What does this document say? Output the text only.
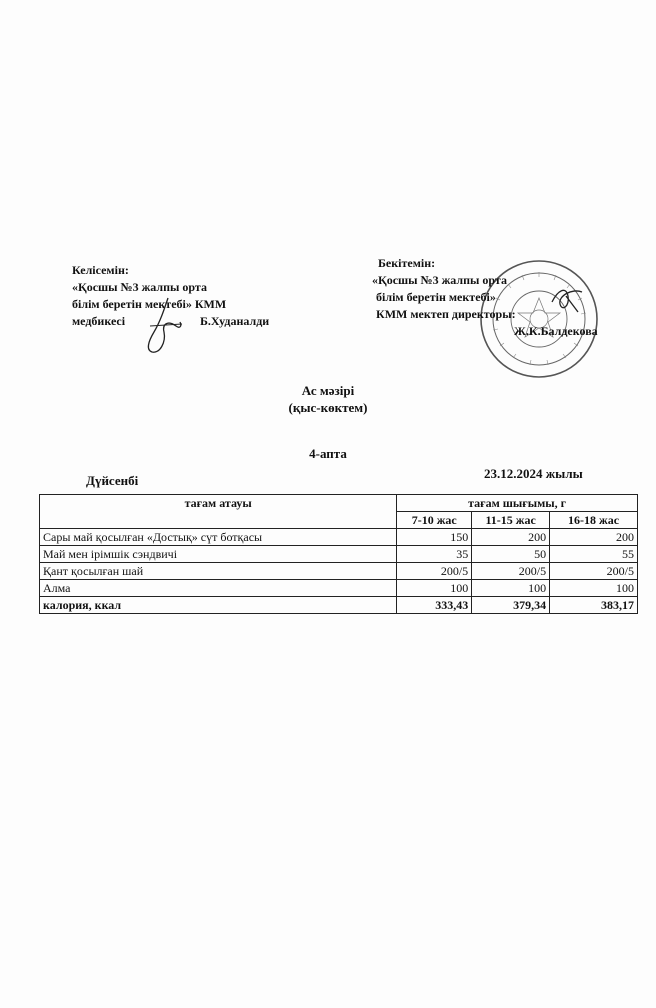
Келісемін:
«Қосшы №3 жалпы орта
білім беретін мектебі» КММ
медбикесі	Б.Худаналди
Бекітемін:
«Қосшы №3 жалпы орта
білім беретін мектебі»
КММ мектеп директоры:
Ж.К.Балдекова
Ас мәзірі
(қыс-көктем)
4-апта
Дүйсенбі	23.12.2024 жылы
тағам атауы	тағам шығымы, г		
	7-10 жас	11-15 жас	16-18 жас
Сары май қосылған «Достық» сүт ботқасы	150	200	200
Май мен ірімшік сэндвичі	35	50	55
Қант қосылған шай	200/5	200/5	200/5
Алма	100	100	100
калория, ккал	333,43	379,34	383,17
